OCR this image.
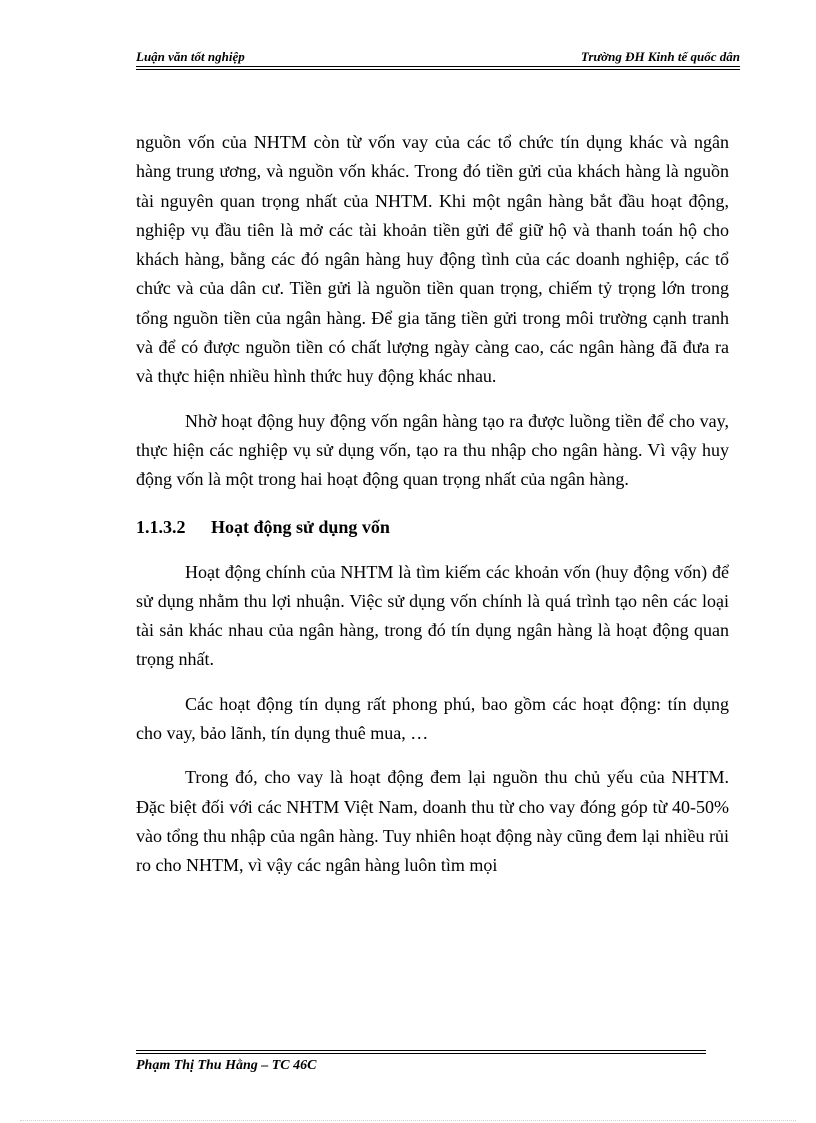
Luận văn tốt nghiệp	Trường ĐH Kinh tế quốc dân

nguồn vốn của NHTM còn từ vốn vay của các tổ chức tín dụng khác và ngân hàng trung ương, và nguồn vốn khác. Trong đó tiền gửi của khách hàng là nguồn tài nguyên quan trọng nhất của NHTM. Khi một ngân hàng bắt đầu hoạt động, nghiệp vụ đầu tiên là mở các tài khoản tiền gửi để giữ hộ và thanh toán hộ cho khách hàng, bằng các đó ngân hàng huy động tình của các doanh nghiệp, các tổ chức và của dân cư. Tiền gửi là nguồn tiền quan trọng, chiếm tỷ trọng lớn trong tổng nguồn tiền của ngân hàng. Để gia tăng tiền gửi trong môi trường cạnh tranh và để có được nguồn tiền có chất lượng ngày càng cao, các ngân hàng đã đưa ra và thực hiện nhiều hình thức huy động khác nhau.

Nhờ hoạt động huy động vốn ngân hàng tạo ra được luồng tiền để cho vay, thực hiện các nghiệp vụ sử dụng vốn, tạo ra thu nhập cho ngân hàng. Vì vậy huy động vốn là một trong hai hoạt động quan trọng nhất của ngân hàng.

1.1.3.2 Hoạt động sử dụng vốn

Hoạt động chính của NHTM là tìm kiếm các khoản vốn (huy động vốn) để sử dụng nhằm thu lợi nhuận. Việc sử dụng vốn chính là quá trình tạo nên các loại tài sản khác nhau của ngân hàng, trong đó tín dụng ngân hàng là hoạt động quan trọng nhất.

Các hoạt động tín dụng rất phong phú, bao gồm các hoạt động: tín dụng cho vay, bảo lãnh, tín dụng thuê mua, …

Trong đó, cho vay là hoạt động đem lại nguồn thu chủ yếu của NHTM. Đặc biệt đối với các NHTM Việt Nam, doanh thu từ cho vay đóng góp từ 40-50% vào tổng thu nhập của ngân hàng. Tuy nhiên hoạt động này cũng đem lại nhiều rủi ro cho NHTM, vì vậy các ngân hàng luôn tìm mọi

Phạm Thị Thu Hằng – TC 46C
